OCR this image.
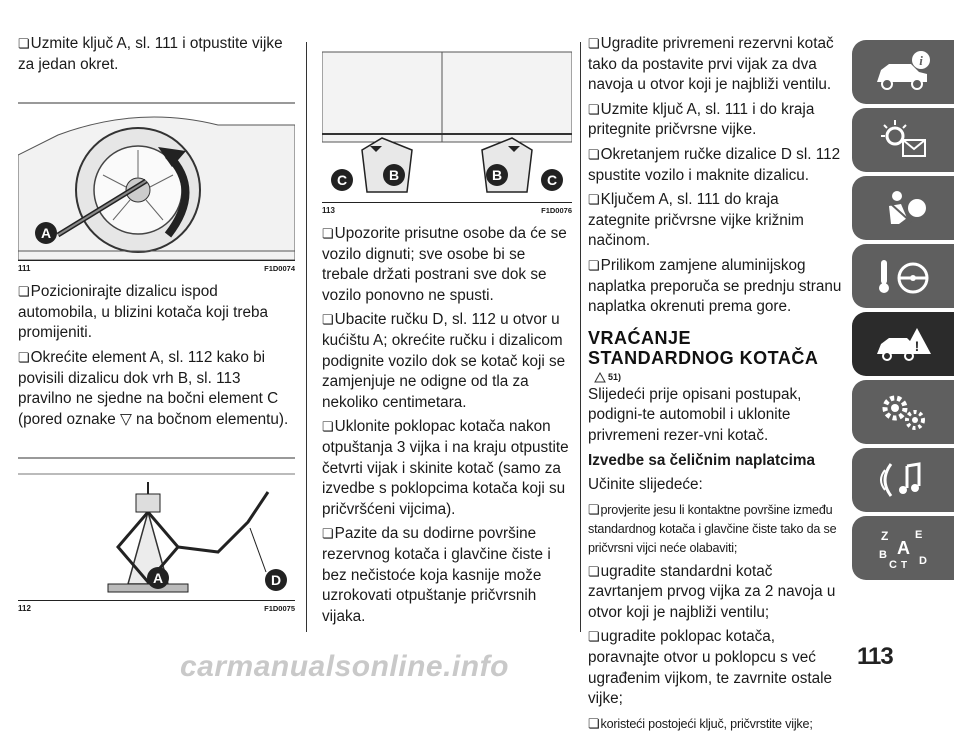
❏ Uzmite ključ A, sl. 111 i otpustite vijke za jedan okret.

A
111	F1D0074

❏ Pozicionirajte dizalicu ispod automobila, u blizini kotača koji treba promijeniti.

❏ Okrećite element A, sl. 112 kako bi povisili dizalicu dok vrh B, sl. 113 pravilno ne sjedne na bočni element C (pored oznake ▽ na bočnom elementu).

A	D
112	F1D0075
C	B	B	C
113	F1D0076

❏ Upozorite prisutne osobe da će se vozilo dignuti; sve osobe bi se trebale držati postrani sve dok se vozilo ponovno ne spusti.

❏ Ubacite ručku D, sl. 112 u otvor u kućištu A; okrećite ručku i dizalicom podignite vozilo dok se kotač koji se zamjenjuje ne odigne od tla za nekoliko centimetara.

❏ Uklonite poklopac kotača nakon otpuštanja 3 vijka i na kraju otpustite četvrti vijak i skinite kotač (samo za izvedbe s poklopcima kotača koji su pričvršćeni vijcima).

❏ Pazite da su dodirne površine rezervnog kotača i glavčine čiste i bez nečistoće koja kasnije može uzrokovati otpuštanje pričvrsnih vijaka.

❏ Ugradite privremeni rezervni kotač tako da postavite prvi vijak za dva navoja u otvor koji je najbliži ventilu.

❏ Uzmite ključ A, sl. 111 i do kraja pritegnite pričvrsne vijke.

❏ Okretanjem ručke dizalice D sl. 112 spustite vozilo i maknite dizalicu.

❏ Ključem A, sl. 111 do kraja zategnite pričvrsne vijke križnim načinom.

❏ Prilikom zamjene aluminijskog naplatka preporuča se prednju stranu naplatka okrenuti prema gore.

VRAĆANJE
STANDARDNOG KOTAČA
51)

Slijedeći prije opisani postupak, podigni-te automobil i uklonite privremeni rezer-vni kotač.

Izvedbe sa čeličnim naplatcima

Učinite slijedeće:

❏ provjerite jesu li kontaktne površine između standardnog kotača i glavčine čiste tako da se pričvrsni vijci neće olabaviti;

❏ ugradite standardni kotač zavrtanjem prvog vijka za 2 navoja u otvor koji je najbliži ventilu;

❏ ugradite poklopac kotača, poravnajte otvor u poklopcu s već ugrađenim vijkom, te zavrnite ostale vijke;

❏ koristeći postojeći ključ, pričvrstite vijke;

i
!
Z E
A
B
C D
T
carmanualsonline.info	113
